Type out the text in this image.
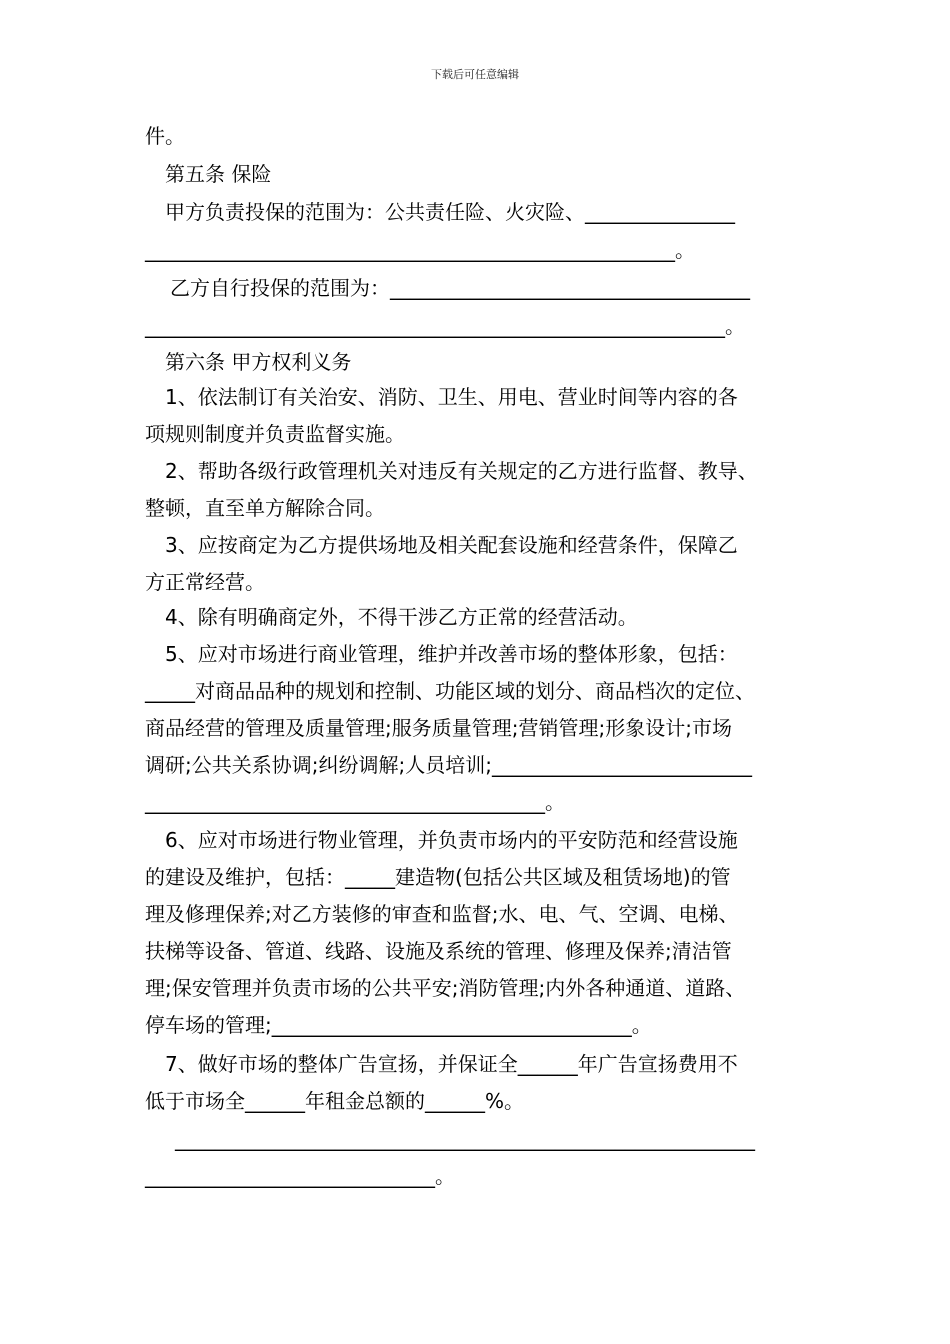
下载后可任意编辑
件。
第五条 保险
甲方负责投保的范围为：公共责任险、火灾险、_______________
_____________________________________________________。
乙方自行投保的范围为：____________________________________
__________________________________________________________。
第六条 甲方权利义务
1、依法制订有关治安、消防、卫生、用电、营业时间等内容的各
项规则制度并负责监督实施。
2、帮助各级行政管理机关对违反有关规定的乙方进行监督、教导、
整顿，直至单方解除合同。
3、应按商定为乙方提供场地及相关配套设施和经营条件，保障乙
方正常经营。
4、除有明确商定外，不得干涉乙方正常的经营活动。
5、应对市场进行商业管理，维护并改善市场的整体形象，包括：
_____对商品品种的规划和控制、功能区域的划分、商品档次的定位、
商品经营的管理及质量管理;服务质量管理;营销管理;形象设计;市场
调研;公共关系协调;纠纷调解;人员培训;__________________________
________________________________________。
6、应对市场进行物业管理，并负责市场内的平安防范和经营设施
的建设及维护，包括：_____建造物(包括公共区域及租赁场地)的管
理及修理保养;对乙方装修的审查和监督;水、电、气、空调、电梯、
扶梯等设备、管道、线路、设施及系统的管理、修理及保养;清洁管
理;保安管理并负责市场的公共平安;消防管理;内外各种通道、道路、
停车场的管理;____________________________________。
7、做好市场的整体广告宣扬，并保证全______年广告宣扬费用不
低于市场全______年租金总额的______%。
__________________________________________________________
_____________________________。
